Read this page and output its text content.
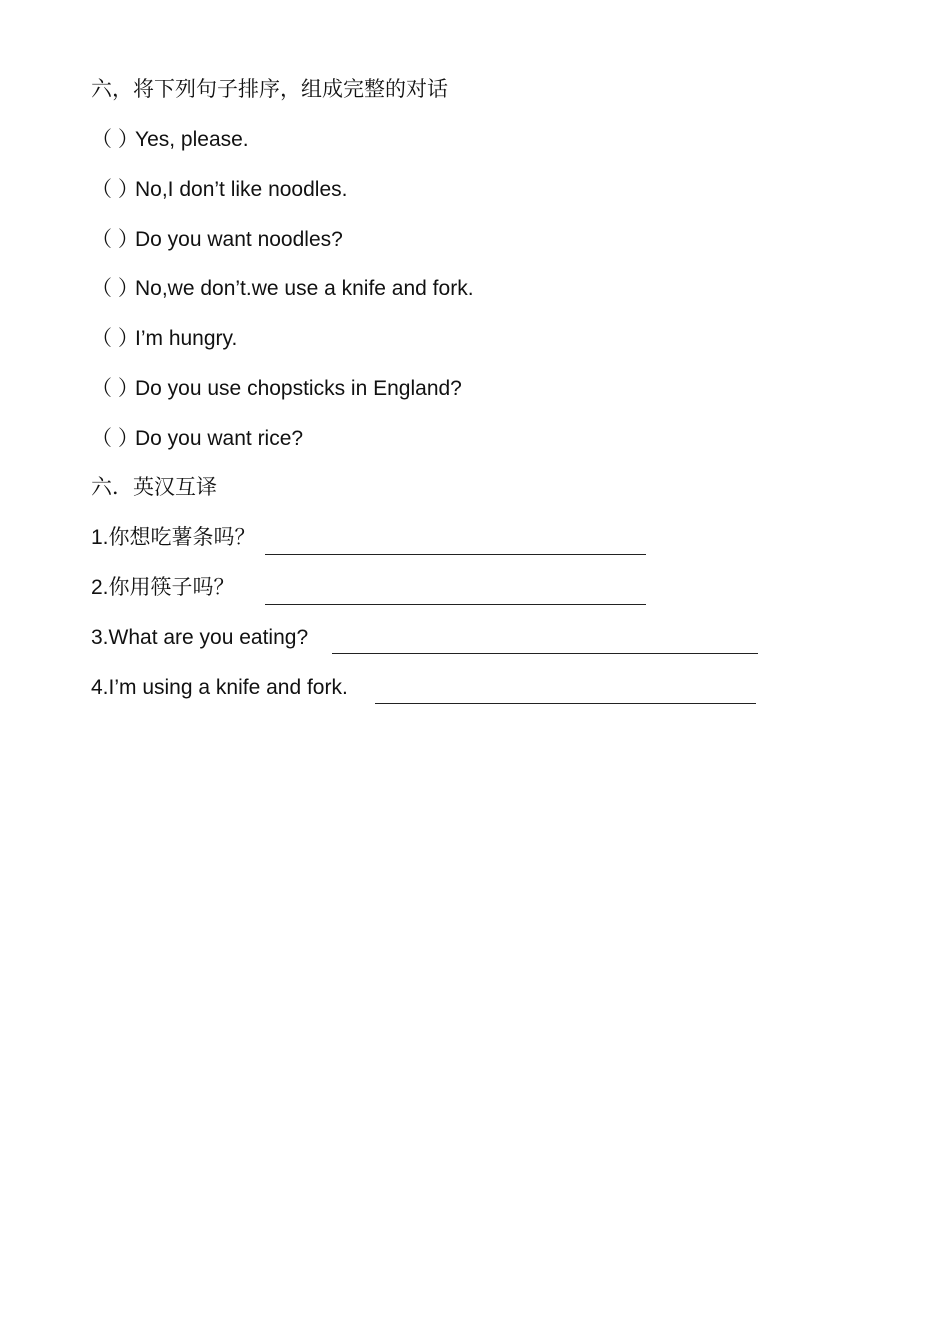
六，将下列句子排序，组成完整的对话
（ ）Yes, please.
（ ）No,I don’t like noodles.
（ ）Do you want noodles?
（ ）No,we don’t.we use a knife and fork.
（ ）I’m hungry.
（ ）Do you use chopsticks in England?
（ ）Do you want rice?
六．英汉互译
1.你想吃薯条吗？
2.你用筷子吗？
3.What are you eating?
4.I’m using a knife and fork.
